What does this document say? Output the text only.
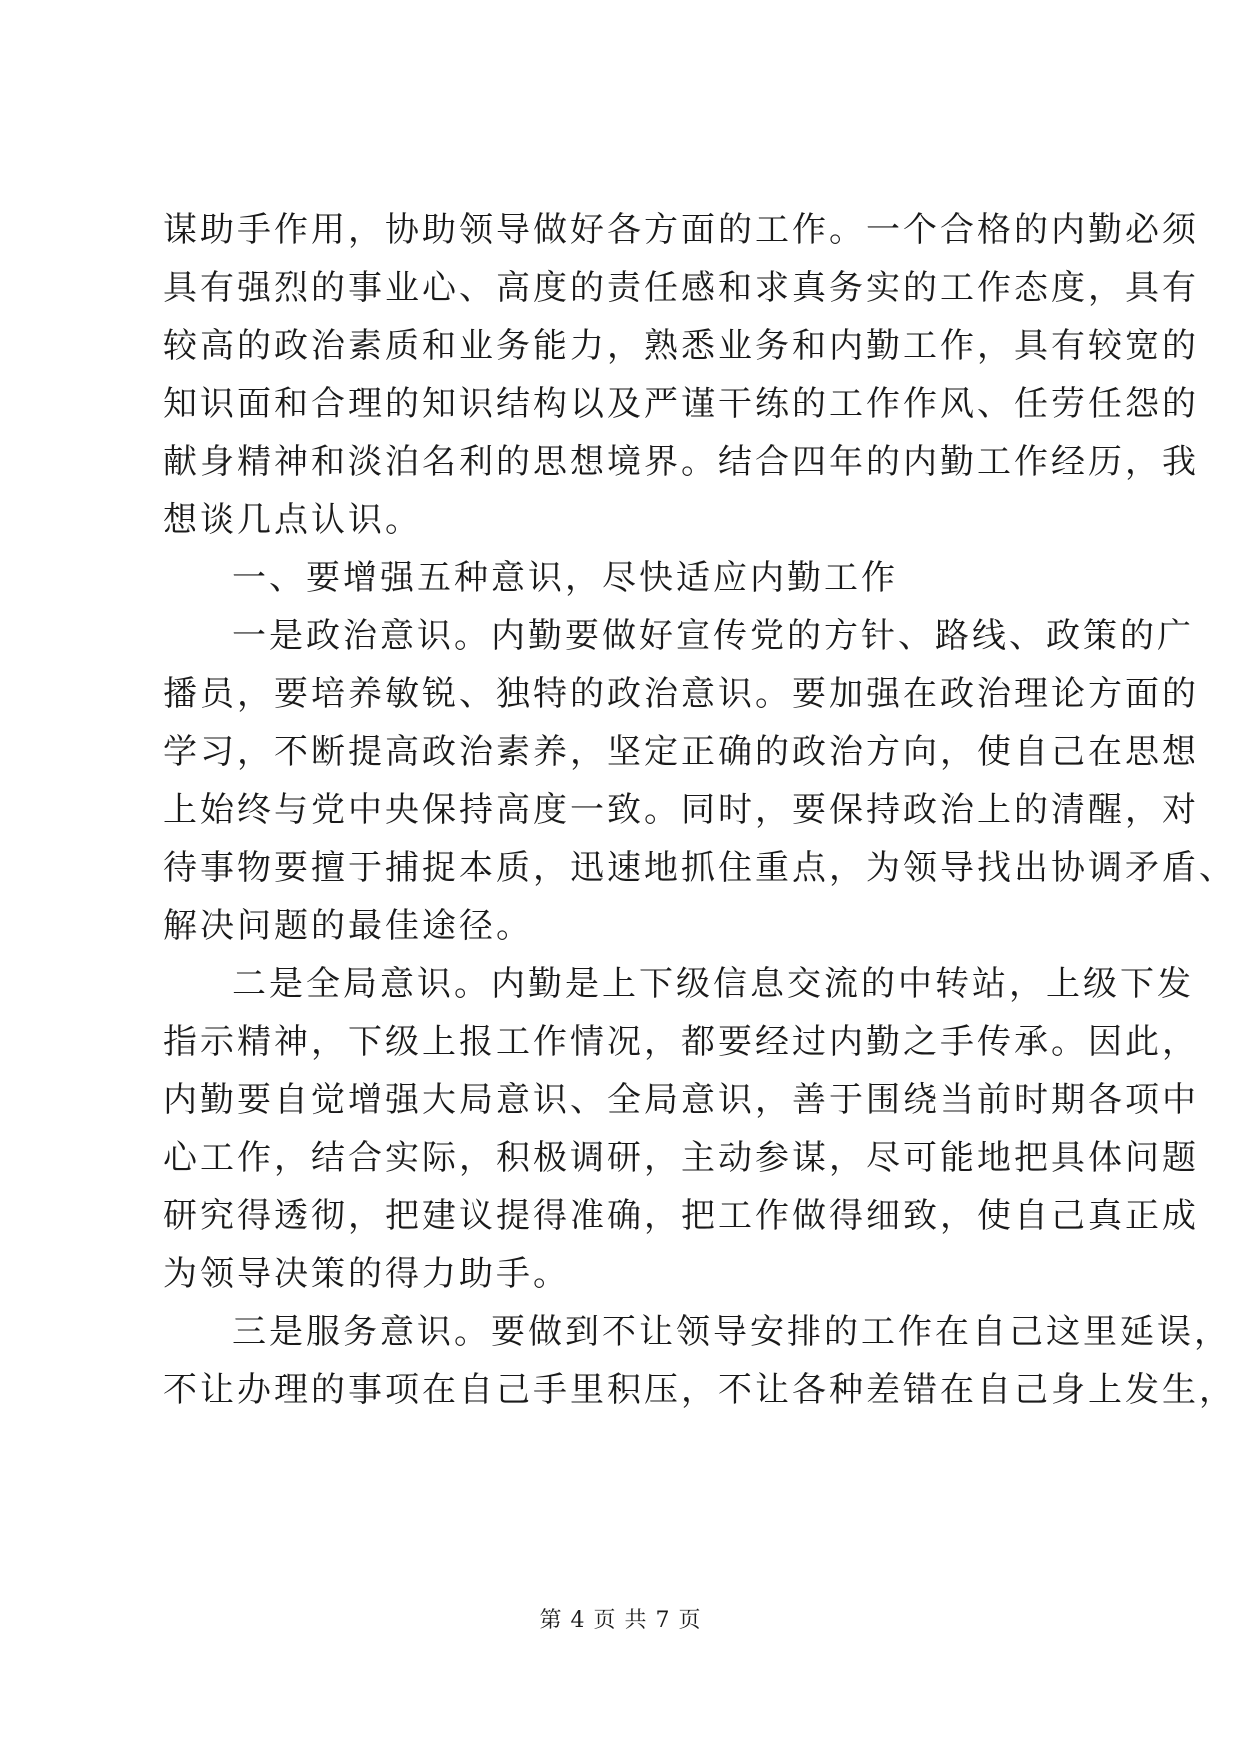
谋助手作用，协助领导做好各方面的工作。一个合格的内勤必须
具有强烈的事业心、高度的责任感和求真务实的工作态度，具有
较高的政治素质和业务能力，熟悉业务和内勤工作，具有较宽的
知识面和合理的知识结构以及严谨干练的工作作风、任劳任怨的
献身精神和淡泊名利的思想境界。结合四年的内勤工作经历，我
想谈几点认识。
一、要增强五种意识，尽快适应内勤工作
一是政治意识。内勤要做好宣传党的方针、路线、政策的广
播员，要培养敏锐、独特的政治意识。要加强在政治理论方面的
学习，不断提高政治素养，坚定正确的政治方向，使自己在思想
上始终与党中央保持高度一致。同时，要保持政治上的清醒，对
待事物要擅于捕捉本质，迅速地抓住重点，为领导找出协调矛盾、
解决问题的最佳途径。
二是全局意识。内勤是上下级信息交流的中转站，上级下发
指示精神，下级上报工作情况，都要经过内勤之手传承。因此，
内勤要自觉增强大局意识、全局意识，善于围绕当前时期各项中
心工作，结合实际，积极调研，主动参谋，尽可能地把具体问题
研究得透彻，把建议提得准确，把工作做得细致，使自己真正成
为领导决策的得力助手。
三是服务意识。要做到不让领导安排的工作在自己这里延误，
不让办理的事项在自己手里积压，不让各种差错在自己身上发生，
第 4 页 共 7 页
